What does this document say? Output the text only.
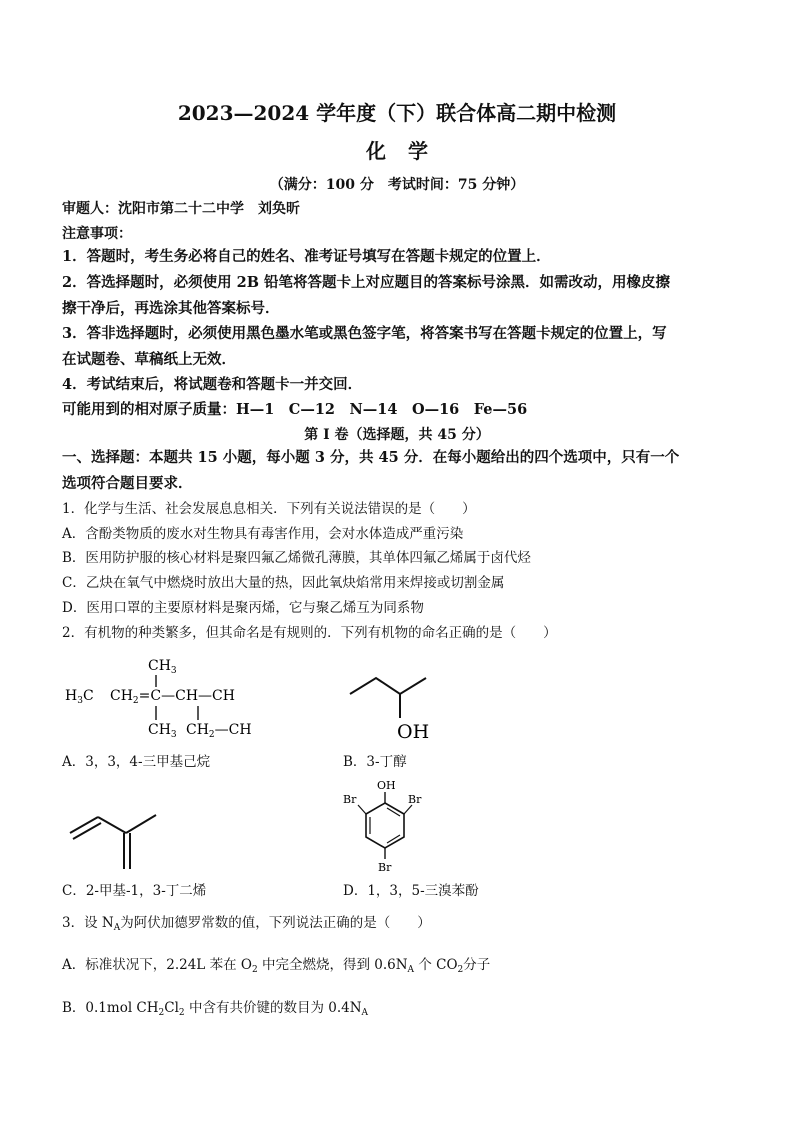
2023—2024 学年度（下）联合体高二期中检测
化学
（满分：100 分　考试时间：75 分钟）
审题人：沈阳市第二十二中学　刘奂昕
注意事项：
1．答题时，考生务必将自己的姓名、准考证号填写在答题卡规定的位置上．
2．答选择题时，必须使用 2B 铅笔将答题卡上对应题目的答案标号涂黑．如需改动，用橡皮擦
擦干净后，再选涂其他答案标号．
3．答非选择题时，必须使用黑色墨水笔或黑色签字笔，将答案书写在答题卡规定的位置上，写
在试题卷、草稿纸上无效．
4．考试结束后，将试题卷和答题卡一并交回．
可能用到的相对原子质量：H—1　C—12　N—14　O—16　Fe—56
第 I 卷（选择题，共 45 分）
一、选择题：本题共 15 小题，每小题 3 分，共 45 分．在每小题给出的四个选项中，只有一个
选项符合题目要求．
1．化学与生活、社会发展息息相关．下列有关说法错误的是（　　）
A．含酚类物质的废水对生物具有毒害作用，会对水体造成严重污染
B．医用防护服的核心材料是聚四氟乙烯微孔薄膜，其单体四氟乙烯属于卤代烃
C．乙炔在氧气中燃烧时放出大量的热，因此氧炔焰常用来焊接或切割金属
D．医用口罩的主要原材料是聚丙烯，它与聚乙烯互为同系物
2．有机物的种类繁多，但其命名是有规则的．下列有机物的命名正确的是（　　）
$CH_3$
$H_3C$ $CH_2=C—CH—CH$
$CH_3$ $CH_2—CH$	OH
A．3，3，4-三甲基己烷	B．3-丁醇
OH
Br	Br
Br
C．2-甲基-1，3-丁二烯	D．1，3，5-三溴苯酚
3．设 $N_A$为阿伏加德罗常数的值，下列说法正确的是（　　）
A．标准状况下，2.24L 苯在 $O_2$ 中完全燃烧，得到 $0.6N_A$ 个 $CO_2$分子
B．0.1mol $CH_2Cl_2$ 中含有共价键的数目为 $0.4N_A$
